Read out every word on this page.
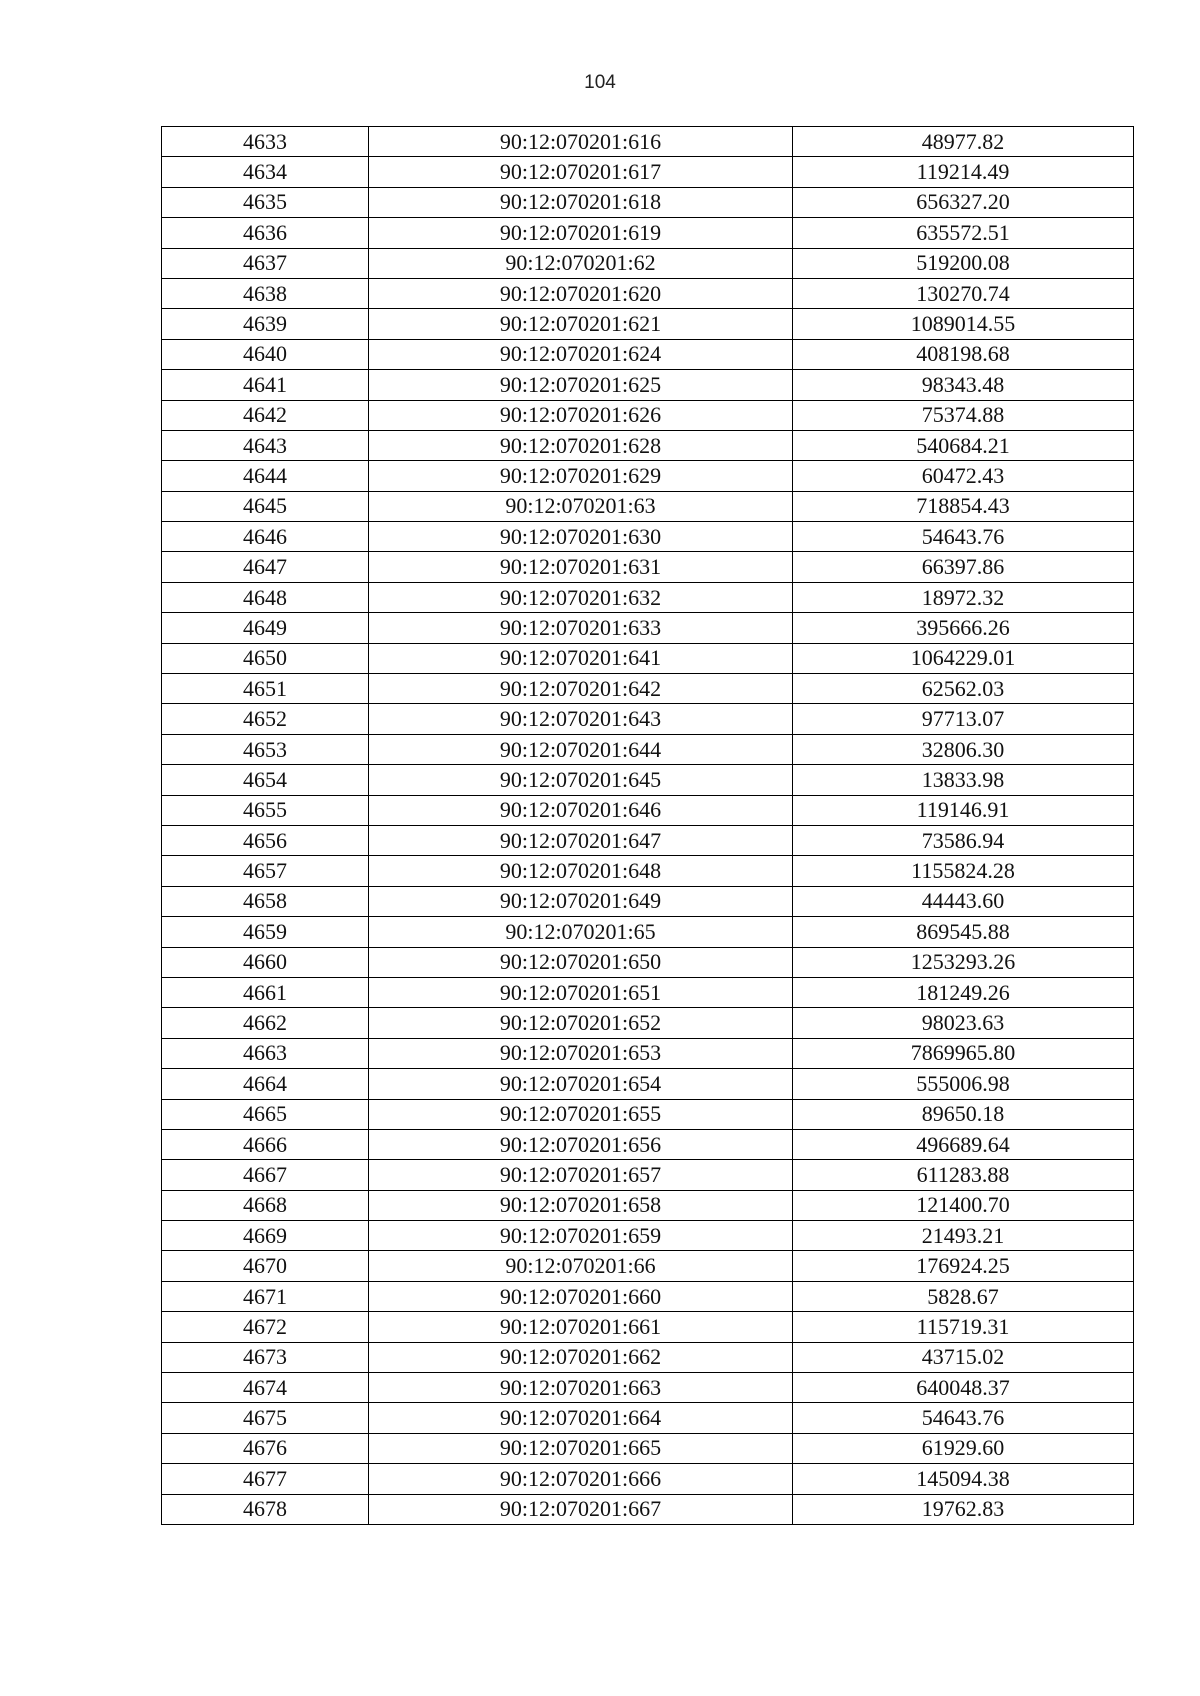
104
4633	90:12:070201:616	48977.82
4634	90:12:070201:617	119214.49
4635	90:12:070201:618	656327.20
4636	90:12:070201:619	635572.51
4637	90:12:070201:62	519200.08
4638	90:12:070201:620	130270.74
4639	90:12:070201:621	1089014.55
4640	90:12:070201:624	408198.68
4641	90:12:070201:625	98343.48
4642	90:12:070201:626	75374.88
4643	90:12:070201:628	540684.21
4644	90:12:070201:629	60472.43
4645	90:12:070201:63	718854.43
4646	90:12:070201:630	54643.76
4647	90:12:070201:631	66397.86
4648	90:12:070201:632	18972.32
4649	90:12:070201:633	395666.26
4650	90:12:070201:641	1064229.01
4651	90:12:070201:642	62562.03
4652	90:12:070201:643	97713.07
4653	90:12:070201:644	32806.30
4654	90:12:070201:645	13833.98
4655	90:12:070201:646	119146.91
4656	90:12:070201:647	73586.94
4657	90:12:070201:648	1155824.28
4658	90:12:070201:649	44443.60
4659	90:12:070201:65	869545.88
4660	90:12:070201:650	1253293.26
4661	90:12:070201:651	181249.26
4662	90:12:070201:652	98023.63
4663	90:12:070201:653	7869965.80
4664	90:12:070201:654	555006.98
4665	90:12:070201:655	89650.18
4666	90:12:070201:656	496689.64
4667	90:12:070201:657	611283.88
4668	90:12:070201:658	121400.70
4669	90:12:070201:659	21493.21
4670	90:12:070201:66	176924.25
4671	90:12:070201:660	5828.67
4672	90:12:070201:661	115719.31
4673	90:12:070201:662	43715.02
4674	90:12:070201:663	640048.37
4675	90:12:070201:664	54643.76
4676	90:12:070201:665	61929.60
4677	90:12:070201:666	145094.38
4678	90:12:070201:667	19762.83
